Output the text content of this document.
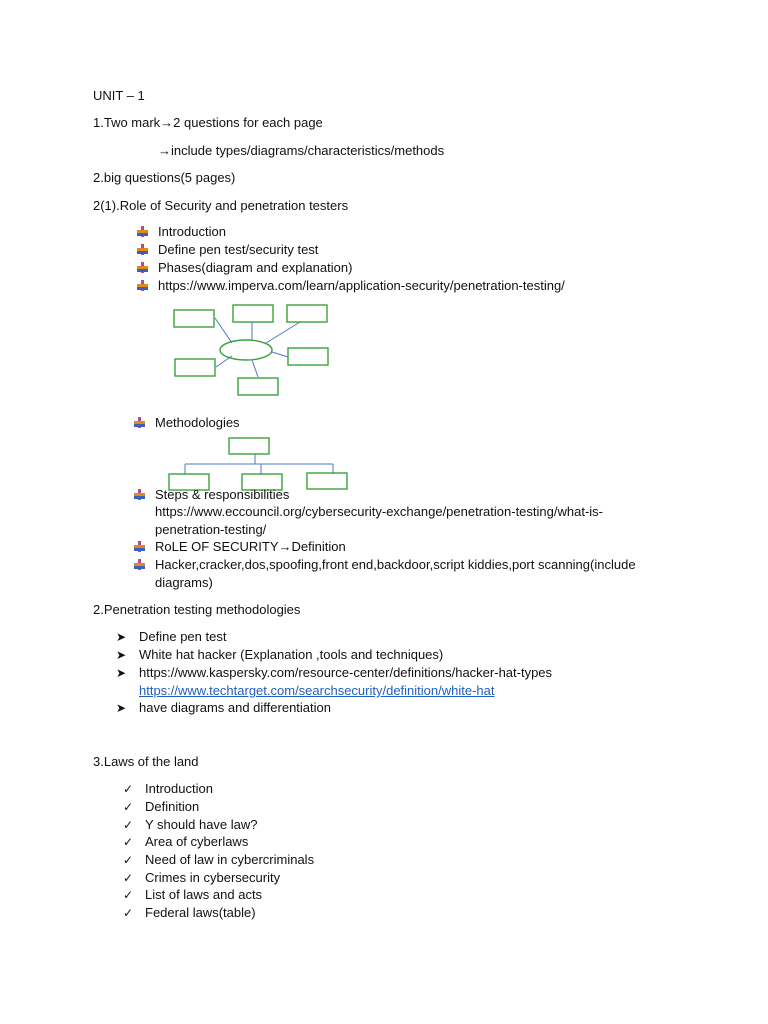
UNIT – 1
1.Two mark→2 questions for each page
→include types/diagrams/characteristics/methods
2.big questions(5 pages)
2(1).Role of Security and penetration testers
Introduction
Define pen test/security test
Phases(diagram and explanation)
https://www.imperva.com/learn/application-security/penetration-testing/
Methodologies
Steps & responsibilities
https://www.eccouncil.org/cybersecurity-exchange/penetration-testing/what-is-
penetration-testing/
RoLE OF SECURITY→Definition
Hacker,cracker,dos,spoofing,front end,backdoor,script kiddies,port scanning(include
diagrams)
2.Penetration testing methodologies
➤ Define pen test
➤ White hat hacker (Explanation ,tools and techniques)
➤ https://www.kaspersky.com/resource-center/definitions/hacker-hat-types
https://www.techtarget.com/searchsecurity/definition/white-hat
➤ have diagrams and differentiation
3.Laws of the land
✓ Introduction
✓ Definition
✓ Y should have law?
✓ Area of cyberlaws
✓ Need of law in cybercriminals
✓ Crimes in cybersecurity
✓ List of laws and acts
✓ Federal laws(table)
